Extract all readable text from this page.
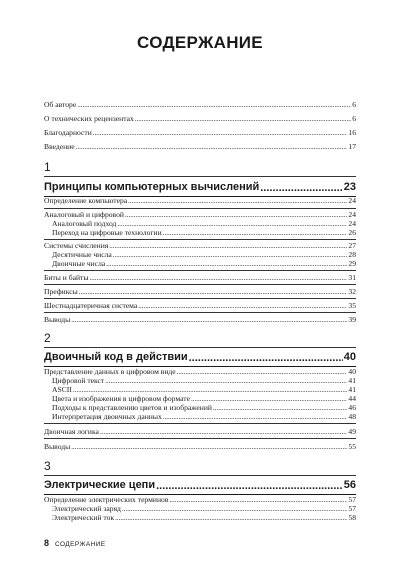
СОДЕРЖАНИЕ
Об авторе .....	6
О технических рецензентах .....	6
Благодарности .....	16
Введение .....	17
1
Принципы компьютерных вычислений .....	23
Определение компьютера .....	24
Аналоговый и цифровой .....	24
Аналоговый подход .....	24
Переход на цифровые технологии .....	26
Системы счисления .....	27
Десятичные числа .....	28
Двоичные числа .....	29
Биты и байты .....	31
Префиксы .....	32
Шестнадцатеричная система .....	35
Выводы .....	39
2
Двоичный код в действии .....	40
Представление данных в цифровом виде .....	40
Цифровой текст .....	41
ASCII .....	41
Цвета и изображения в цифровом формате .....	44
Подходы к представлению цветов и изображений .....	46
Интерпретация двоичных данных .....	48
Двоичная логика .....	49
Выводы .....	55
3
Электрические цепи .....	56
Определение электрических терминов .....	57
Электрический заряд .....	57
Электрический ток .....	58
8 СОДЕРЖАНИЕ
